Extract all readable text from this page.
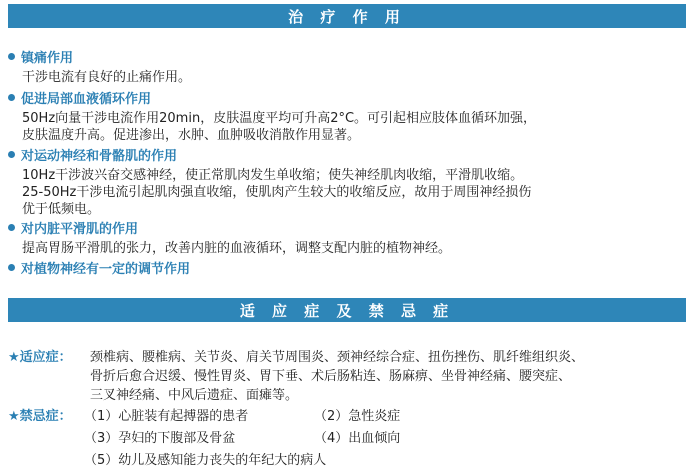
治 疗 作 用
镇痛作用
干涉电流有良好的止痛作用。
促进局部血液循环作用
50Hz向量干涉电流作用20min，皮肤温度平均可升高2°C。可引起相应肢体血循环加强，
皮肤温度升高。促进渗出，水肿、血肿吸收消散作用显著。
对运动神经和骨骼肌的作用
10Hz干涉波兴奋交感神经，使正常肌肉发生单收缩；使失神经肌肉收缩，平滑肌收缩。
25-50Hz干涉电流引起肌肉强直收缩，使肌肉产生较大的收缩反应，故用于周围神经损伤
优于低频电。
对内脏平滑肌的作用
提高胃肠平滑肌的张力，改善内脏的血液循环，调整支配内脏的植物神经。
对植物神经有一定的调节作用
适 应 症 及 禁 忌 症
★适应症： 颈椎病、腰椎病、关节炎、肩关节周围炎、颈神经综合症、扭伤挫伤、肌纤维组织炎、
骨折后愈合迟缓、慢性胃炎、胃下垂、术后肠粘连、肠麻痹、坐骨神经痛、腰突症、
三叉神经痛、中风后遗症、面瘫等。
★禁忌症： （1）心脏装有起搏器的患者	（2）急性炎症
（3）孕妇的下腹部及骨盆	（4）出血倾向
（5）幼儿及感知能力丧失的年纪大的病人
